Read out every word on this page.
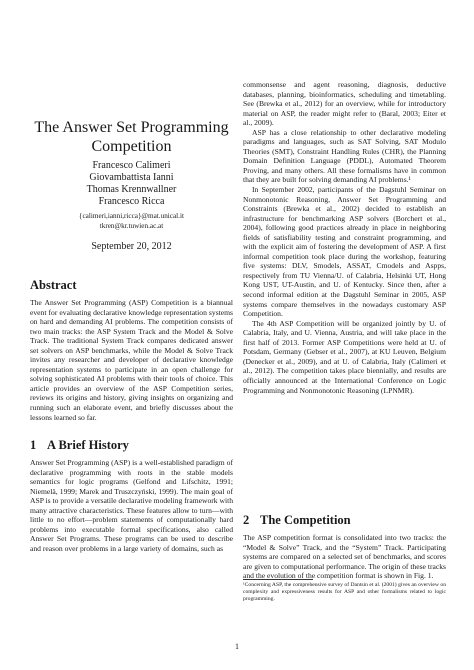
The Answer Set Programming Competition
Francesco Calimeri
Giovambattista Ianni
Thomas Krennwallner
Francesco Ricca
{calimeri,ianni,ricca}@mat.unical.it
tkren@kr.tuwien.ac.at
September 20, 2012
Abstract
The Answer Set Programming (ASP) Competition is a biannual event for evaluating declarative knowledge representation systems on hard and demanding AI problems. The competition consists of two main tracks: the ASP System Track and the Model & Solve Track. The traditional System Track compares dedicated answer set solvers on ASP benchmarks, while the Model & Solve Track invites any researcher and developer of declarative knowledge representation systems to participate in an open challenge for solving sophisticated AI problems with their tools of choice. This article provides an overview of the ASP Competition series, reviews its origins and history, giving insights on organizing and running such an elaborate event, and briefly discusses about the lessons learned so far.
1 A Brief History
Answer Set Programming (ASP) is a well-established paradigm of declarative programming with roots in the stable models semantics for logic programs (Gelfond and Lifschitz, 1991; Niemelä, 1999; Marek and Truszczyński, 1999). The main goal of ASP is to provide a versatile declarative modeling framework with many attractive characteristics. These features allow to turn—with little to no effort—problem statements of computationally hard problems into executable formal specifications, also called Answer Set Programs. These programs can be used to describe and reason over problems in a large variety of domains, such as

commonsense and agent reasoning, diagnosis, deductive databases, planning, bioinformatics, scheduling and timetabling. See (Brewka et al., 2012) for an overview, while for introductory material on ASP, the reader might refer to (Baral, 2003; Eiter et al., 2009).

ASP has a close relationship to other declarative modeling paradigms and languages, such as SAT Solving, SAT Modulo Theories (SMT), Constraint Handling Rules (CHR), the Planning Domain Definition Language (PDDL), Automated Theorem Proving, and many others. All these formalisms have in common that they are built for solving demanding AI problems.¹

In September 2002, participants of the Dagstuhl Seminar on Nonmonotonic Reasoning, Answer Set Programming and Constraints (Brewka et al., 2002) decided to establish an infrastructure for benchmarking ASP solvers (Borchert et al., 2004), following good practices already in place in neighboring fields of satisfiability testing and constraint programming, and with the explicit aim of fostering the development of ASP. A first informal competition took place during the workshop, featuring five systems: DLV, Smodels, ASSAT, Cmodels and Aspps, respectively from TU Vienna/U. of Calabria, Helsinki UT, Hong Kong UST, UT-Austin, and U. of Kentucky. Since then, after a second informal edition at the Dagstuhl Seminar in 2005, ASP systems compare themselves in the nowadays customary ASP Competition.

The 4th ASP Competition will be organized jointly by U. of Calabria, Italy, and U. Vienna, Austria, and will take place in the first half of 2013. Former ASP Competitions were held at U. of Potsdam, Germany (Gebser et al., 2007), at KU Leuven, Belgium (Denecker et al., 2009), and at U. of Calabria, Italy (Calimeri et al., 2012). The competition takes place biennially, and results are officially announced at the International Conference on Logic Programming and Nonmonotonic Reasoning (LPNMR).

2 The Competition
The ASP competition format is consolidated into two tracks: the “Model & Solve” Track, and the “System” Track. Participating systems are compared on a selected set of benchmarks, and scores are given to computational performance. The origin of these tracks and the evolution of the competition format is shown in Fig. 1.
¹Concerning ASP, the comprehensive survey of Dantsin et al. (2001) gives an overview on complexity and expressiveness results for ASP and other formalisms related to logic programming.
1
